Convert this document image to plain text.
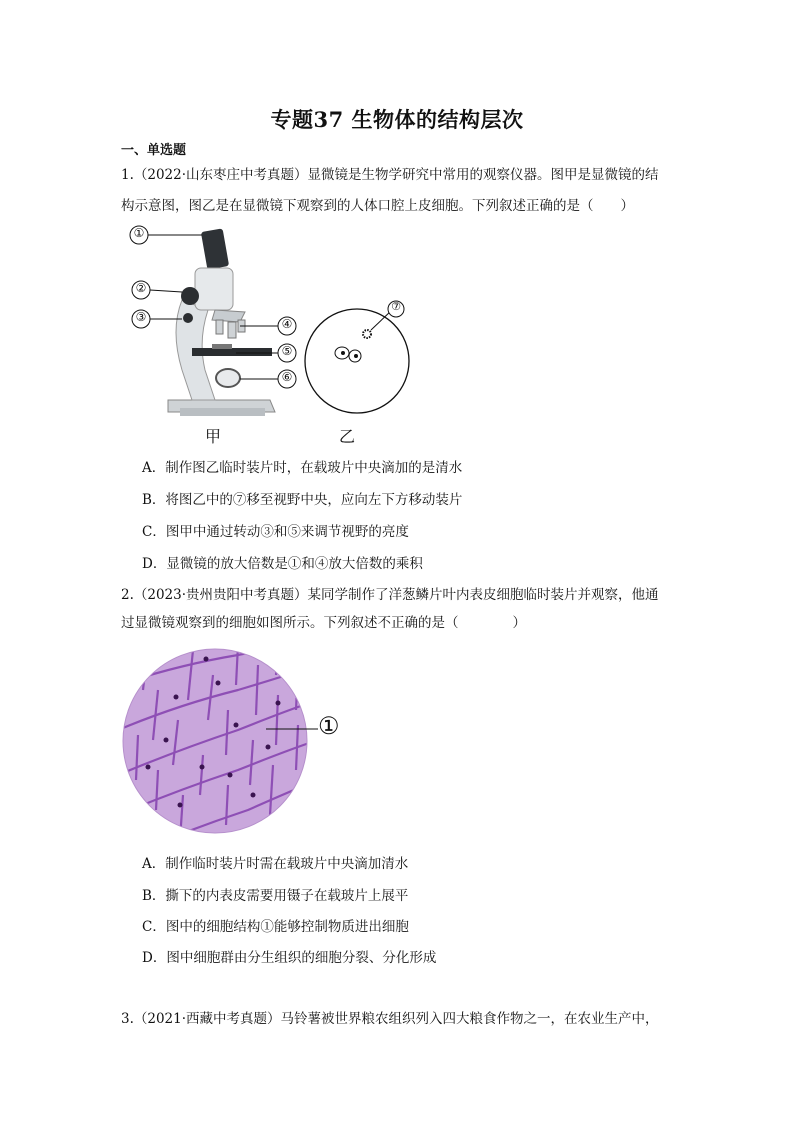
专题37 生物体的结构层次
一、单选题
1.（2022·山东枣庄中考真题）显微镜是生物学研究中常用的观察仪器。图甲是显微镜的结
构示意图，图乙是在显微镜下观察到的人体口腔上皮细胞。下列叙述正确的是（　　）
①
②
③	④
⑤
⑥
甲
⑦
乙
A．制作图乙临时装片时，在载玻片中央滴加的是清水
B．将图乙中的⑦移至视野中央，应向左下方移动装片
C．图甲中通过转动③和⑤来调节视野的亮度
D．显微镜的放大倍数是①和④放大倍数的乘积
2.（2023·贵州贵阳中考真题）某同学制作了洋葱鳞片叶内表皮细胞临时装片并观察，他通
过显微镜观察到的细胞如图所示。下列叙述不正确的是（　　　　）
①
A．制作临时装片时需在载玻片中央滴加清水
B．撕下的内表皮需要用镊子在载玻片上展平
C．图中的细胞结构①能够控制物质进出细胞
D．图中细胞群由分生组织的细胞分裂、分化形成
3.（2021·西藏中考真题）马铃薯被世界粮农组织列入四大粮食作物之一，在农业生产中，
